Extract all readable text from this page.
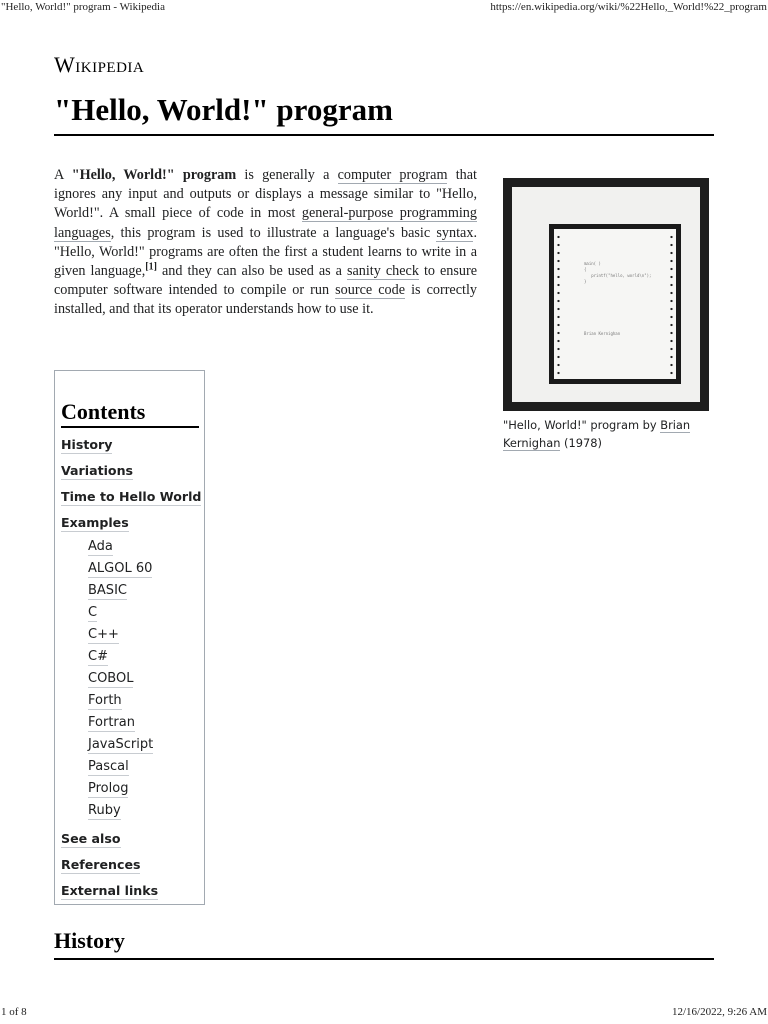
"Hello, World!" program - Wikipedia	https://en.wikipedia.org/wiki/%22Hello,_World!%22_program
Wikipedia
"Hello, World!" program

A "Hello, World!" program is generally a computer program that ignores any input and outputs or displays a message similar to "Hello, World!". A small piece of code in most general-purpose programming languages, this program is used to illustrate a language's basic syntax. "Hello, World!" programs are often the first a student learns to write in a given language,[1] and they can also be used as a sanity check to ensure computer software intended to compile or run source code is correctly installed, and that its operator understands how to use it.

main( )
{
printf("hello, world\n");
}
Brian Kernighan
"Hello, World!" program by Brian Kernighan (1978)
Contents
History
Variations
Time to Hello World
Examples
Ada
ALGOL 60
BASIC
C
C++
C#
COBOL
Forth
Fortran
JavaScript
Pascal
Prolog
Ruby
See also
References
External links
History
1 of 8	12/16/2022, 9:26 AM
